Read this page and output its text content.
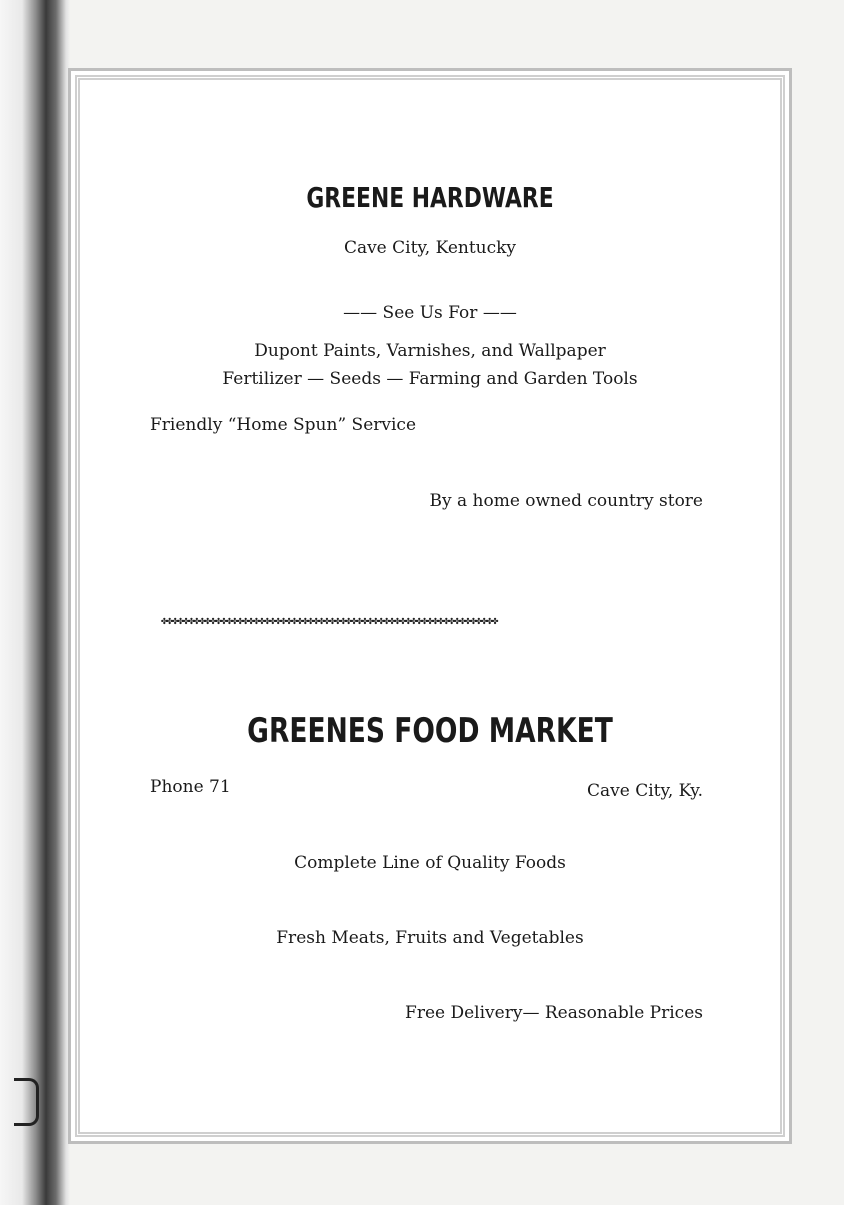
GREENE HARDWARE
Cave City, Kentucky
—— See Us For ——
Dupont Paints, Varnishes, and Wallpaper
Fertilizer — Seeds — Farming and Garden Tools
Friendly “Home Spun” Service
By a home owned country store
✤✤✤✤✤✤✤✤✤✤✤✤✤✤✤✤✤✤✤✤✤✤✤✤✤✤✤✤✤✤✤✤✤✤✤✤✤✤✤✤✤✤✤✤✤✤✤✤✤✤✤✤✤✤✤✤✤✤✤✤✤✤
GREENES FOOD MARKET
Phone 71	Cave City, Ky.
Complete Line of Quality Foods
Fresh Meats, Fruits and Vegetables
Free Delivery— Reasonable Prices
